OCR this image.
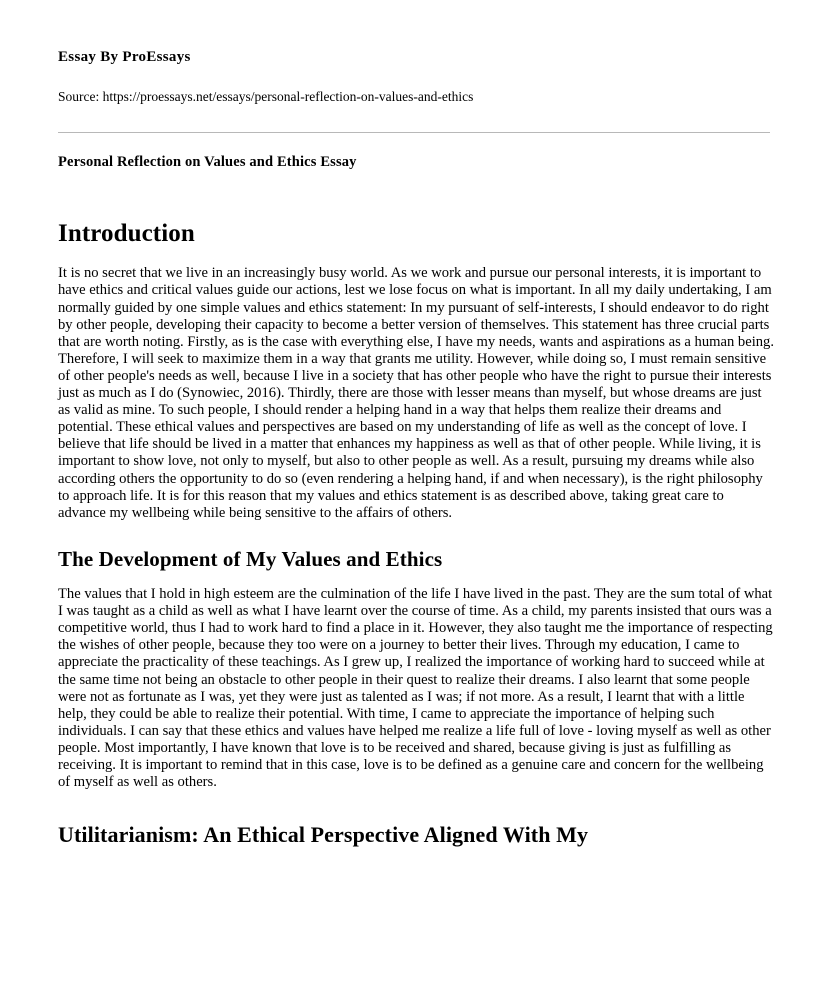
Essay By ProEssays
Source: https://proessays.net/essays/personal-reflection-on-values-and-ethics
Personal Reflection on Values and Ethics Essay
Introduction

It is no secret that we live in an increasingly busy world. As we work and pursue our personal interests, it is important to have ethics and critical values guide our actions, lest we lose focus on what is important. In all my daily undertaking, I am normally guided by one simple values and ethics statement: In my pursuant of self-interests, I should endeavor to do right by other people, developing their capacity to become a better version of themselves. This statement has three crucial parts that are worth noting. Firstly, as is the case with everything else, I have my needs, wants and aspirations as a human being. Therefore, I will seek to maximize them in a way that grants me utility. However, while doing so, I must remain sensitive of other people's needs as well, because I live in a society that has other people who have the right to pursue their interests just as much as I do (Synowiec, 2016). Thirdly, there are those with lesser means than myself, but whose dreams are just as valid as mine. To such people, I should render a helping hand in a way that helps them realize their dreams and potential. These ethical values and perspectives are based on my understanding of life as well as the concept of love. I believe that life should be lived in a matter that enhances my happiness as well as that of other people. While living, it is important to show love, not only to myself, but also to other people as well. As a result, pursuing my dreams while also according others the opportunity to do so (even rendering a helping hand, if and when necessary), is the right philosophy to approach life. It is for this reason that my values and ethics statement is as described above, taking great care to advance my wellbeing while being sensitive to the affairs of others.

The Development of My Values and Ethics

The values that I hold in high esteem are the culmination of the life I have lived in the past. They are the sum total of what I was taught as a child as well as what I have learnt over the course of time. As a child, my parents insisted that ours was a competitive world, thus I had to work hard to find a place in it. However, they also taught me the importance of respecting the wishes of other people, because they too were on a journey to better their lives. Through my education, I came to appreciate the practicality of these teachings. As I grew up, I realized the importance of working hard to succeed while at the same time not being an obstacle to other people in their quest to realize their dreams. I also learnt that some people were not as fortunate as I was, yet they were just as talented as I was; if not more. As a result, I learnt that with a little help, they could be able to realize their potential. With time, I came to appreciate the importance of helping such individuals. I can say that these ethics and values have helped me realize a life full of love - loving myself as well as other people. Most importantly, I have known that love is to be received and shared, because giving is just as fulfilling as receiving. It is important to remind that in this case, love is to be defined as a genuine care and concern for the wellbeing of myself as well as others.

Utilitarianism: An Ethical Perspective Aligned With My
